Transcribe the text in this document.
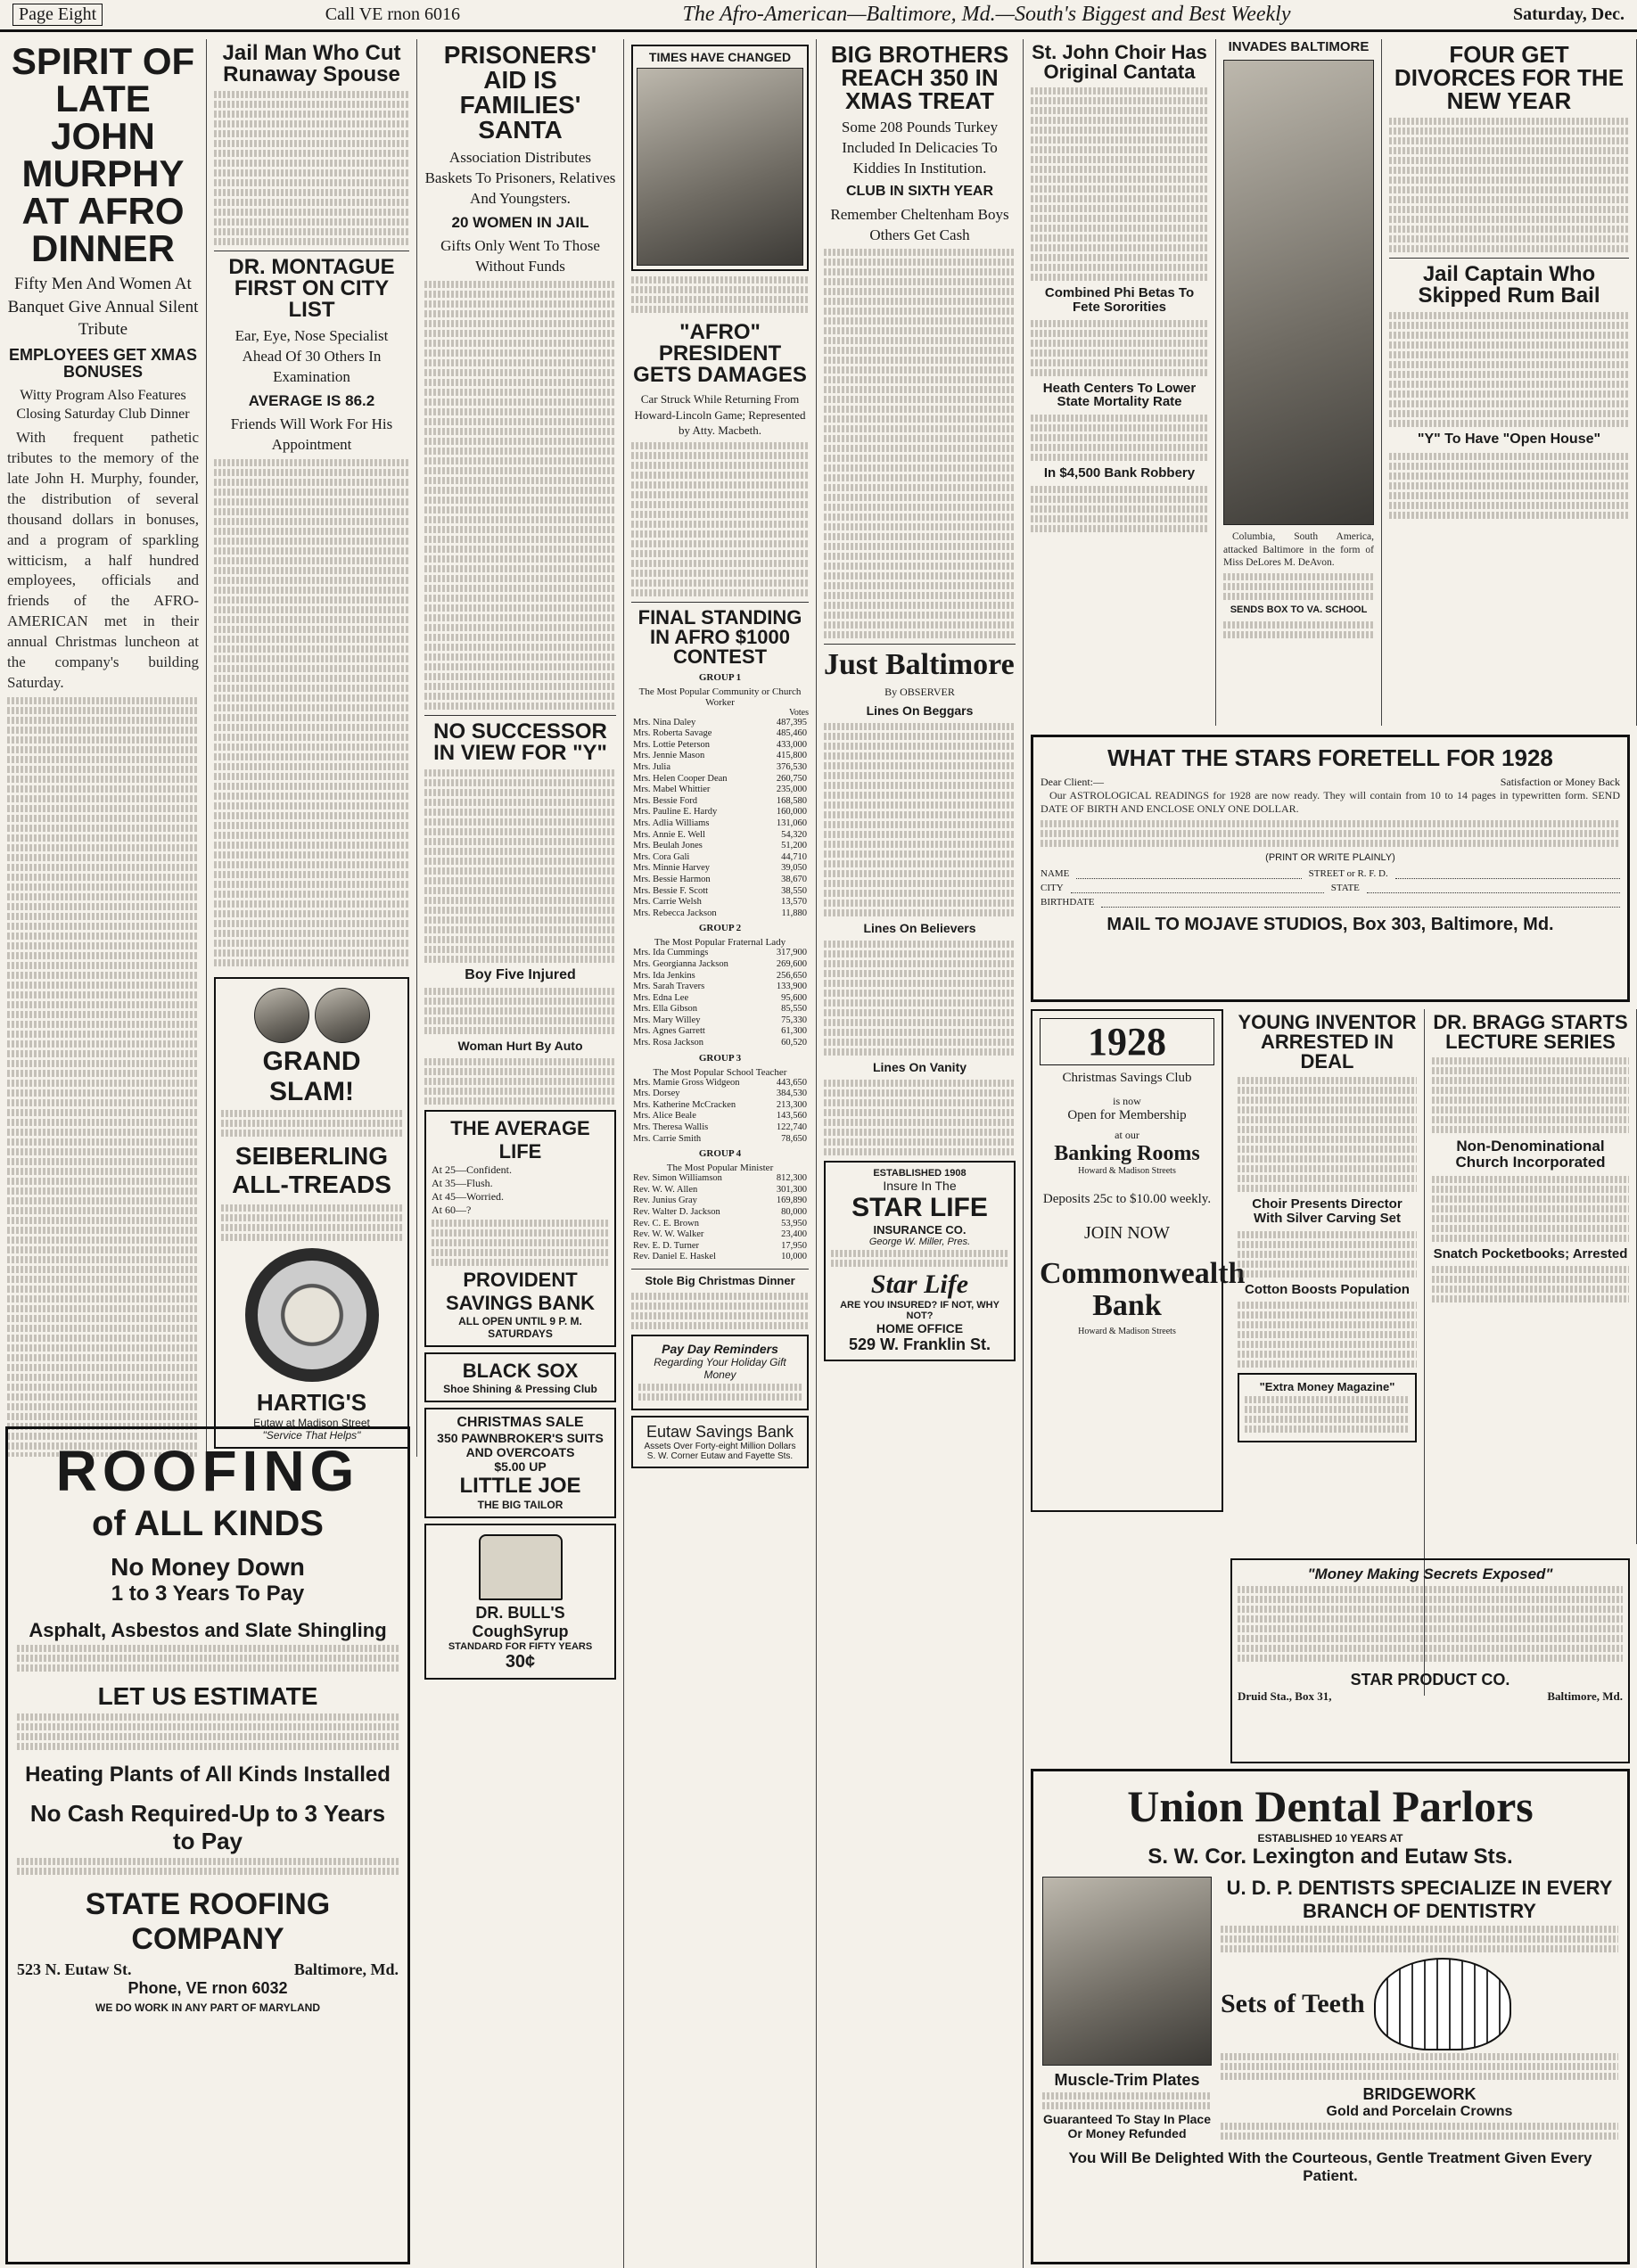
Page Eight	Call VE rnon 6016	The Afro-American—Baltimore, Md.—South's Biggest and Best Weekly	Saturday, Dec.
SPIRIT OF LATE JOHN MURPHY AT AFRO DINNER
Fifty Men And Women At Banquet Give Annual Silent Tribute
EMPLOYEES GET XMAS BONUSES
Witty Program Also Features Closing Saturday Club Dinner

With frequent pathetic tributes to the memory of the late John H. Murphy, founder, the distribution of several thousand dollars in bonuses, and a program of sparkling witticism, a half hundred employees, officials and friends of the AFRO-AMERICAN met in their annual Christmas luncheon at the company's building Saturday.

Jail Man Who Cut Runaway Spouse
DR. MONTAGUE FIRST ON CITY LIST
Ear, Eye, Nose Specialist Ahead Of 30 Others In Examination
AVERAGE IS 86.2
Friends Will Work For His Appointment
GRAND SLAM!
SEIBERLING ALL-TREADS
HARTIG'S
Eutaw at Madison Street
"Service That Helps"
PRISONERS' AID IS FAMILIES' SANTA
Association Distributes Baskets To Prisoners, Relatives And Youngsters.
20 WOMEN IN JAIL
Gifts Only Went To Those Without Funds
NO SUCCESSOR IN VIEW FOR "Y"
Boy Five Injured
Woman Hurt By Auto
THE AVERAGE LIFE
At 25—Confident.
At 35—Flush.
At 45—Worried.
At 60—?
PROVIDENT SAVINGS BANK
ALL OPEN UNTIL 9 P. M. SATURDAYS
BLACK SOX
Shoe Shining & Pressing Club
CHRISTMAS SALE
350 PAWNBROKER'S SUITS AND OVERCOATS
$5.00 UP
LITTLE JOE
THE BIG TAILOR
DR. BULL'S CoughSyrup
STANDARD FOR FIFTY YEARS
30¢
TIMES HAVE CHANGED
"AFRO" PRESIDENT GETS DAMAGES
Car Struck While Returning From Howard-Lincoln Game; Represented by Atty. Macbeth.
FINAL STANDING IN AFRO $1000 CONTEST
GROUP 1
The Most Popular Community or Church Worker
Votes
Mrs. Nina Daley	487,395
Mrs. Roberta Savage	485,460
Mrs. Lottie Peterson	433,000
Mrs. Jennie Mason	415,800
Mrs. Julia	376,530
Mrs. Helen Cooper Dean	260,750
Mrs. Mabel Whittier	235,000
Mrs. Bessie Ford	168,580
Mrs. Pauline E. Hardy	160,000
Mrs. Adlia Williams	131,060
Mrs. Annie E. Well	54,320
Mrs. Beulah Jones	51,200
Mrs. Cora Gali	44,710
Mrs. Minnie Harvey	39,050
Mrs. Bessie Harmon	38,670
Mrs. Bessie F. Scott	38,550
Mrs. Carrie Welsh	13,570
Mrs. Rebecca Jackson	11,880
GROUP 2
The Most Popular Fraternal Lady
Mrs. Ida Cummings	317,900
Mrs. Georgianna Jackson	269,600
Mrs. Ida Jenkins	256,650
Mrs. Sarah Travers	133,900
Mrs. Edna Lee	95,600
Mrs. Ella Gibson	85,550
Mrs. Mary Willey	75,330
Mrs. Agnes Garrett	61,300
Mrs. Rosa Jackson	60,520
GROUP 3
The Most Popular School Teacher
Mrs. Mamie Gross Widgeon	443,650
Mrs. Dorsey	384,530
Mrs. Katherine McCracken	213,300
Mrs. Alice Beale	143,560
Mrs. Theresa Wallis	122,740
Mrs. Carrie Smith	78,650
GROUP 4
The Most Popular Minister
Rev. Simon Williamson	812,300
Rev. W. W. Allen	301,300
Rev. Junius Gray	169,890
Rev. Walter D. Jackson	80,000
Rev. C. E. Brown	53,950
Rev. W. W. Walker	23,400
Rev. E. D. Turner	17,950
Rev. Daniel E. Haskel	10,000
Stole Big Christmas Dinner
Pay Day Reminders
Regarding Your Holiday Gift Money
Eutaw Savings Bank
Assets Over Forty-eight Million Dollars
S. W. Corner Eutaw and Fayette Sts.
BIG BROTHERS REACH 350 IN XMAS TREAT
Some 208 Pounds Turkey Included In Delicacies To Kiddies In Institution.
CLUB IN SIXTH YEAR
Remember Cheltenham Boys Others Get Cash
Just Baltimore
By OBSERVER
Lines On Beggars
Lines On Believers
Lines On Vanity
ESTABLISHED 1908
Insure In The
STAR LIFE
INSURANCE CO.
George W. Miller, Pres.
Star Life
ARE YOU INSURED? IF NOT, WHY NOT?
HOME OFFICE
529 W. Franklin St.
St. John Choir Has Original Cantata
Combined Phi Betas To Fete Sororities
Heath Centers To Lower State Mortality Rate
In $4,500 Bank Robbery
INVADES BALTIMORE

Columbia, South America, attacked Baltimore in the form of Miss DeLores M. DeAvon.

SENDS BOX TO VA. SCHOOL
FOUR GET DIVORCES FOR THE NEW YEAR
Jail Captain Who Skipped Rum Bail
"Y" To Have "Open House"
WHAT THE STARS FORETELL FOR 1928
Dear Client:—	Satisfaction or Money Back

Our ASTROLOGICAL READINGS for 1928 are now ready. They will contain from 10 to 14 pages in typewritten form. SEND DATE OF BIRTH AND ENCLOSE ONLY ONE DOLLAR.

(PRINT OR WRITE PLAINLY)
NAME	STREET or R. F. D.
CITY	STATE
BIRTHDATE
MAIL TO MOJAVE STUDIOS, Box 303, Baltimore, Md.
1928
Christmas Savings Club
is now
Open for Membership
at our
Banking Rooms
Howard & Madison Streets
Deposits 25c to $10.00 weekly.
JOIN NOW
Commonwealth Bank
Howard & Madison Streets
YOUNG INVENTOR ARRESTED IN DEAL
Choir Presents Director With Silver Carving Set
Cotton Boosts Population
"Extra Money Magazine"
DR. BRAGG STARTS LECTURE SERIES
Non-Denominational Church Incorporated
Snatch Pocketbooks; Arrested
"Money Making Secrets Exposed"
STAR PRODUCT CO.
Druid Sta., Box 31,	Baltimore, Md.
ROOFING
of ALL KINDS
No Money Down
1 to 3 Years To Pay
Asphalt, Asbestos and Slate Shingling
LET US ESTIMATE
Heating Plants of All Kinds Installed
No Cash Required-Up to 3 Years to Pay
STATE ROOFING COMPANY
523 N. Eutaw St.	Baltimore, Md.
Phone, VE rnon 6032
WE DO WORK IN ANY PART OF MARYLAND
Union Dental Parlors
ESTABLISHED 10 YEARS AT
S. W. Cor. Lexington and Eutaw Sts.
Muscle-Trim Plates
Guaranteed To Stay In Place Or Money Refunded
U. D. P. DENTISTS SPECIALIZE IN EVERY BRANCH OF DENTISTRY
Sets of Teeth
BRIDGEWORK
Gold and Porcelain Crowns
You Will Be Delighted With the Courteous, Gentle Treatment Given Every Patient.
